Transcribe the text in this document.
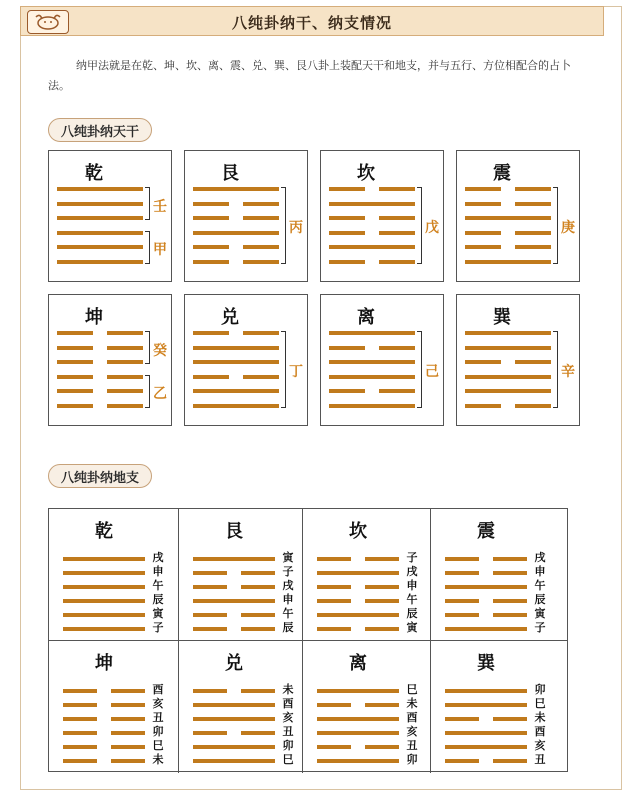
八纯卦纳干、纳支情况
纳甲法就是在乾、坤、坎、离、震、兑、巽、艮八卦上装配天干和地支，并与五行、方位相配合的占卜法。
八纯卦纳天干
八纯卦纳地支
乾
壬
甲
艮
丙
坎
戊
震
庚
坤
癸
乙
兑
丁
离
己
巽
辛
乾
戌
申
午
辰
寅
子
艮
寅
子
戌
申
午
辰
坎
子
戌
申
午
辰
寅
震
戌
申
午
辰
寅
子
坤
酉
亥
丑
卯
巳
未
兑
未
酉
亥
丑
卯
巳
离
巳
未
酉
亥
丑
卯
巽
卯
巳
未
酉
亥
丑
